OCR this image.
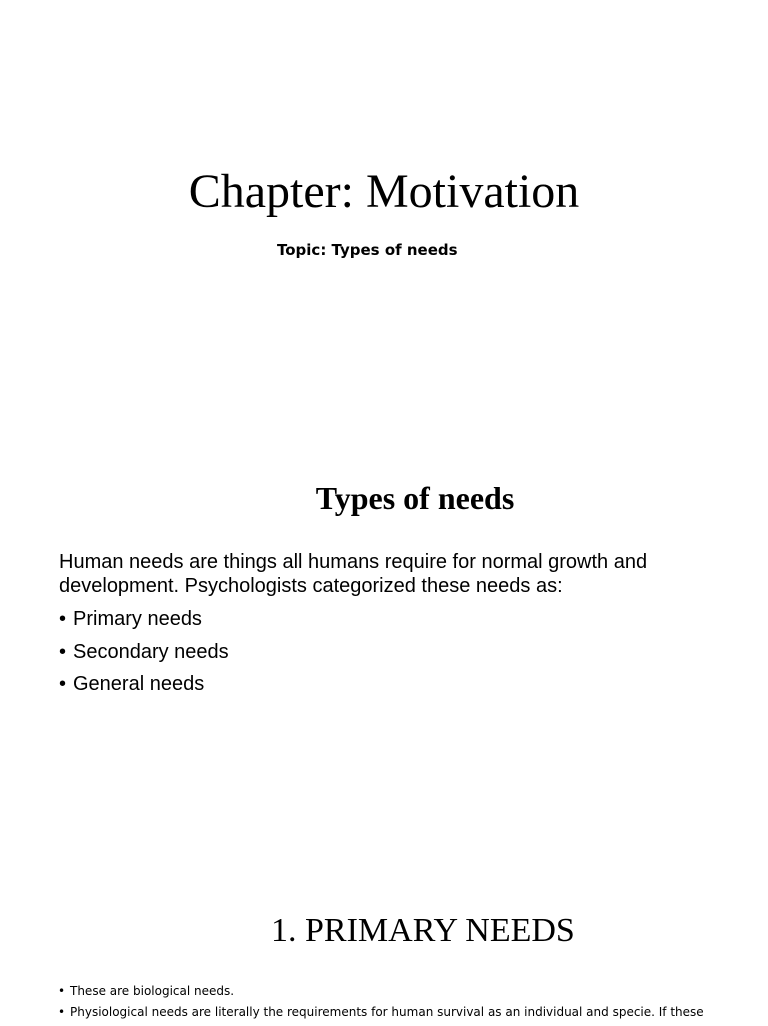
Chapter: Motivation
Topic: Types of needs
Types of needs
Human needs are things all humans require for normal growth and development. Psychologists categorized these needs as:
• Primary needs
• Secondary needs
• General needs
1. PRIMARY NEEDS
• These are biological needs.
• Physiological needs are literally the requirements for human survival as an individual and specie. If these
